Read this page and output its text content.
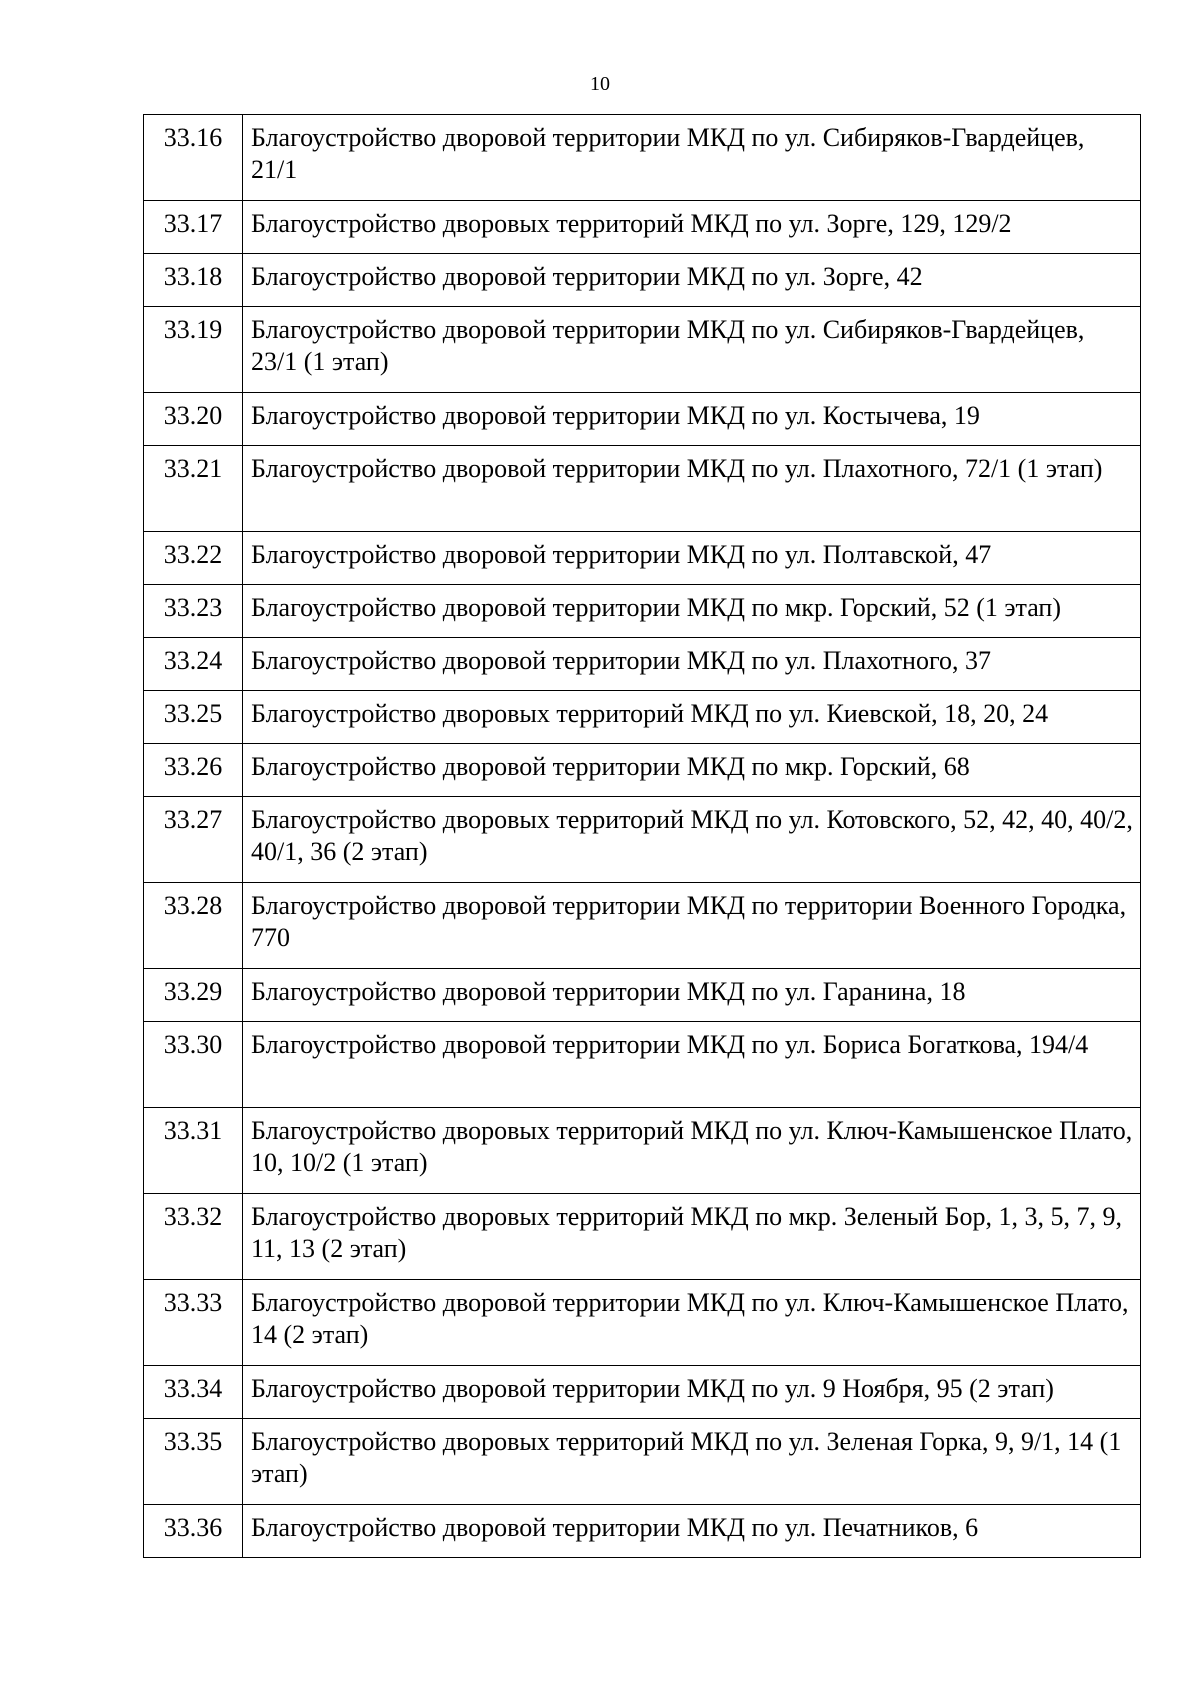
10
33.16	Благоустройство дворовой территории МКД по ул. Сибиряков-Гвардейцев, 21/1
33.17	Благоустройство дворовых территорий МКД по ул. Зорге, 129, 129/2
33.18	Благоустройство дворовой территории МКД по ул. Зорге, 42
33.19	Благоустройство дворовой территории МКД по ул. Сибиряков-Гвардейцев, 23/1 (1 этап)
33.20	Благоустройство дворовой территории МКД по ул. Костычева, 19
33.21	Благоустройство дворовой территории МКД по ул. Плахотного, 72/1 (1 этап)
33.22	Благоустройство дворовой территории МКД по ул. Полтавской, 47
33.23	Благоустройство дворовой территории МКД по мкр. Горский, 52 (1 этап)
33.24	Благоустройство дворовой территории МКД по ул. Плахотного, 37
33.25	Благоустройство дворовых территорий МКД по ул. Киевской, 18, 20, 24
33.26	Благоустройство дворовой территории МКД по мкр. Горский, 68
33.27	Благоустройство дворовых территорий МКД по ул. Котовского, 52, 42, 40, 40/2, 40/1, 36 (2 этап)
33.28	Благоустройство дворовой территории МКД по территории Военного Городка, 770
33.29	Благоустройство дворовой территории МКД по ул. Гаранина, 18
33.30	Благоустройство дворовой территории МКД по ул. Бориса Богаткова, 194/4
33.31	Благоустройство дворовых территорий МКД по ул. Ключ-Камышенское Плато, 10, 10/2 (1 этап)
33.32	Благоустройство дворовых территорий МКД по мкр. Зеленый Бор, 1, 3, 5, 7, 9, 11, 13 (2 этап)
33.33	Благоустройство дворовой территории МКД по ул. Ключ-Камышенское Плато, 14 (2 этап)
33.34	Благоустройство дворовой территории МКД по ул. 9 Ноября, 95 (2 этап)
33.35	Благоустройство дворовых территорий МКД по ул. Зеленая Горка, 9, 9/1, 14 (1 этап)
33.36	Благоустройство дворовой территории МКД по ул. Печатников, 6
